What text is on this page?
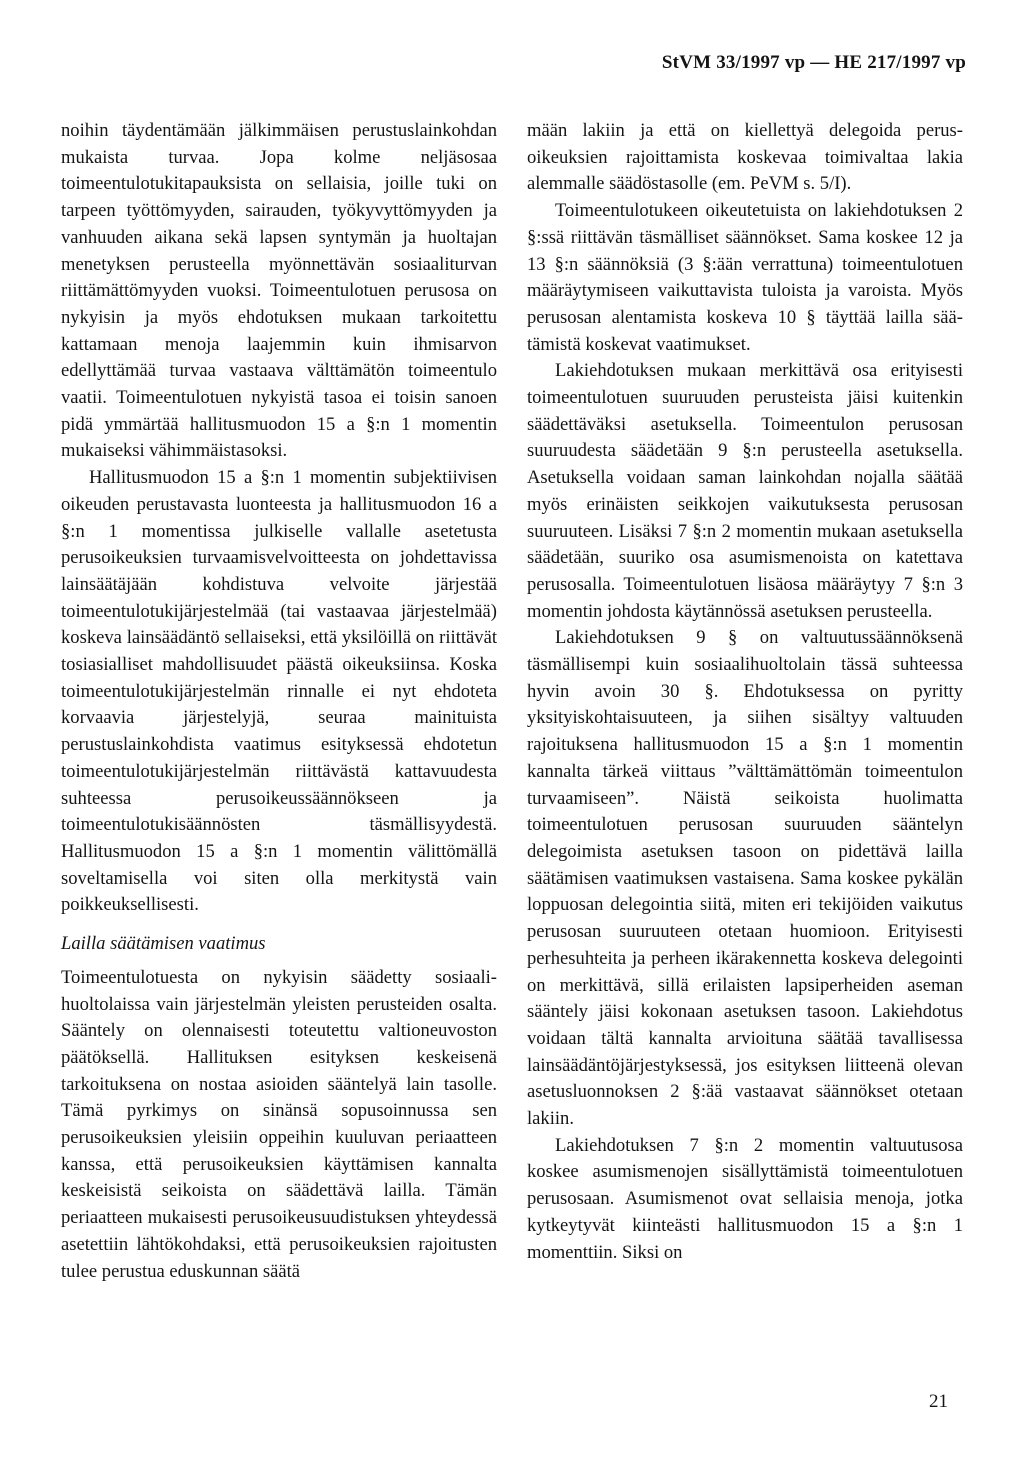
StVM 33/1997 vp — HE 217/1997 vp

noihin täydentämään jälkimmäisen perustuslainkohdan mukaista turvaa. Jopa kolme neljäsosaa toimeentulotukitapauksista on sellaisia, joille tuki on tarpeen työttömyyden, sairauden, työkyvyttömyyden ja vanhuuden aikana sekä lapsen syntymän ja huoltajan menetyksen perusteella myönnettävän sosiaaliturvan riittämättömyyden vuoksi. Toimeentulotuen perusosa on nykyisin ja myös ehdotuksen mukaan tarkoitettu kattamaan menoja laajemmin kuin ihmisarvon edellyttämää turvaa vastaava välttämätön toimeentulo vaatii. Toimeentulotuen nykyistä tasoa ei toisin sanoen pidä ymmärtää hallitusmuodon 15 a §:n 1 momentin mukaiseksi vähimmäistasoksi.

Hallitusmuodon 15 a §:n 1 momentin subjektiivisen oikeuden perustavasta luonteesta ja hallitusmuodon 16 a §:n 1 momentissa julkiselle vallalle asetetusta perusoikeuksien turvaamisvelvoitteesta on johdettavissa lainsäätäjään kohdistuva velvoite järjestää toimeentulotukijärjestelmää (tai vastaavaa järjestelmää) koskeva lainsäädäntö sellaiseksi, että yksilöillä on riittävät tosiasialliset mahdollisuudet päästä oikeuksiinsa. Koska toimeentulotukijärjestelmän rinnalle ei nyt ehdoteta korvaavia järjestelyjä, seuraa mainituista perustuslainkohdista vaatimus esityksessä ehdotetun toimeentulotukijärjestelmän riittävästä kattavuudesta suhteessa perusoikeussäännökseen ja toimeentulotukisäännösten täsmällisyydestä. Hallitusmuodon 15 a §:n 1 momentin välittömällä soveltamisella voi siten olla merkitystä vain poikkeuksellisesti.

Lailla säätämisen vaatimus

Toimeentulotuesta on nykyisin säädetty sosiaalihuoltolaissa vain järjestelmän yleisten perusteiden osalta. Sääntely on olennaisesti toteutettu valtioneuvoston päätöksellä. Hallituksen esityksen keskeisenä tarkoituksena on nostaa asioiden sääntelyä lain tasolle. Tämä pyrkimys on sinänsä sopusoinnussa sen perusoikeuksien yleisiin oppeihin kuuluvan periaatteen kanssa, että perusoikeuksien käyttämisen kannalta keskeisistä seikoista on säädettävä lailla. Tämän periaatteen mukaisesti perusoikeusuudistuksen yhteydessä asetettiin lähtökohdaksi, että perusoikeuksien rajoitusten tulee perustua eduskunnan säätä

mään lakiin ja että on kiellettyä delegoida perusoikeuksien rajoittamista koskevaa toimivaltaa lakia alemmalle säädöstasolle (em. PeVM s. 5/I).

Toimeentulotukeen oikeutetuista on lakiehdotuksen 2 §:ssä riittävän täsmälliset säännökset. Sama koskee 12 ja 13 §:n säännöksiä (3 §:ään verrattuna) toimeentulotuen määräytymiseen vaikuttavista tuloista ja varoista. Myös perusosan alentamista koskeva 10 § täyttää lailla säätämistä koskevat vaatimukset.

Lakiehdotuksen mukaan merkittävä osa erityisesti toimeentulotuen suuruuden perusteista jäisi kuitenkin säädettäväksi asetuksella. Toimeentulon perusosan suuruudesta säädetään 9 §:n perusteella asetuksella. Asetuksella voidaan saman lainkohdan nojalla säätää myös erinäisten seikkojen vaikutuksesta perusosan suuruuteen. Lisäksi 7 §:n 2 momentin mukaan asetuksella säädetään, suuriko osa asumismenoista on katettava perusosalla. Toimeentulotuen lisäosa määräytyy 7 §:n 3 momentin johdosta käytännössä asetuksen perusteella.

Lakiehdotuksen 9 § on valtuutussäännöksenä täsmällisempi kuin sosiaalihuoltolain tässä suhteessa hyvin avoin 30 §. Ehdotuksessa on pyritty yksityiskohtaisuuteen, ja siihen sisältyy valtuuden rajoituksena hallitusmuodon 15 a §:n 1 momentin kannalta tärkeä viittaus ”välttämättömän toimeentulon turvaamiseen”. Näistä seikoista huolimatta toimeentulotuen perusosan suuruuden sääntelyn delegoimista asetuksen tasoon on pidettävä lailla säätämisen vaatimuksen vastaisena. Sama koskee pykälän loppuosan delegointia siitä, miten eri tekijöiden vaikutus perusosan suuruuteen otetaan huomioon. Erityisesti perhesuhteita ja perheen ikärakennetta koskeva delegointi on merkittävä, sillä erilaisten lapsiperheiden aseman sääntely jäisi kokonaan asetuksen tasoon. Lakiehdotus voidaan tältä kannalta arvioituna säätää tavallisessa lainsäädäntöjärjestyksessä, jos esityksen liitteenä olevan asetusluonnoksen 2 §:ää vastaavat säännökset otetaan lakiin.

Lakiehdotuksen 7 §:n 2 momentin valtuutusosa koskee asumismenojen sisällyttämistä toimeentulotuen perusosaan. Asumismenot ovat sellaisia menoja, jotka kytkeytyvät kiinteästi hallitusmuodon 15 a §:n 1 momenttiin. Siksi on

21
